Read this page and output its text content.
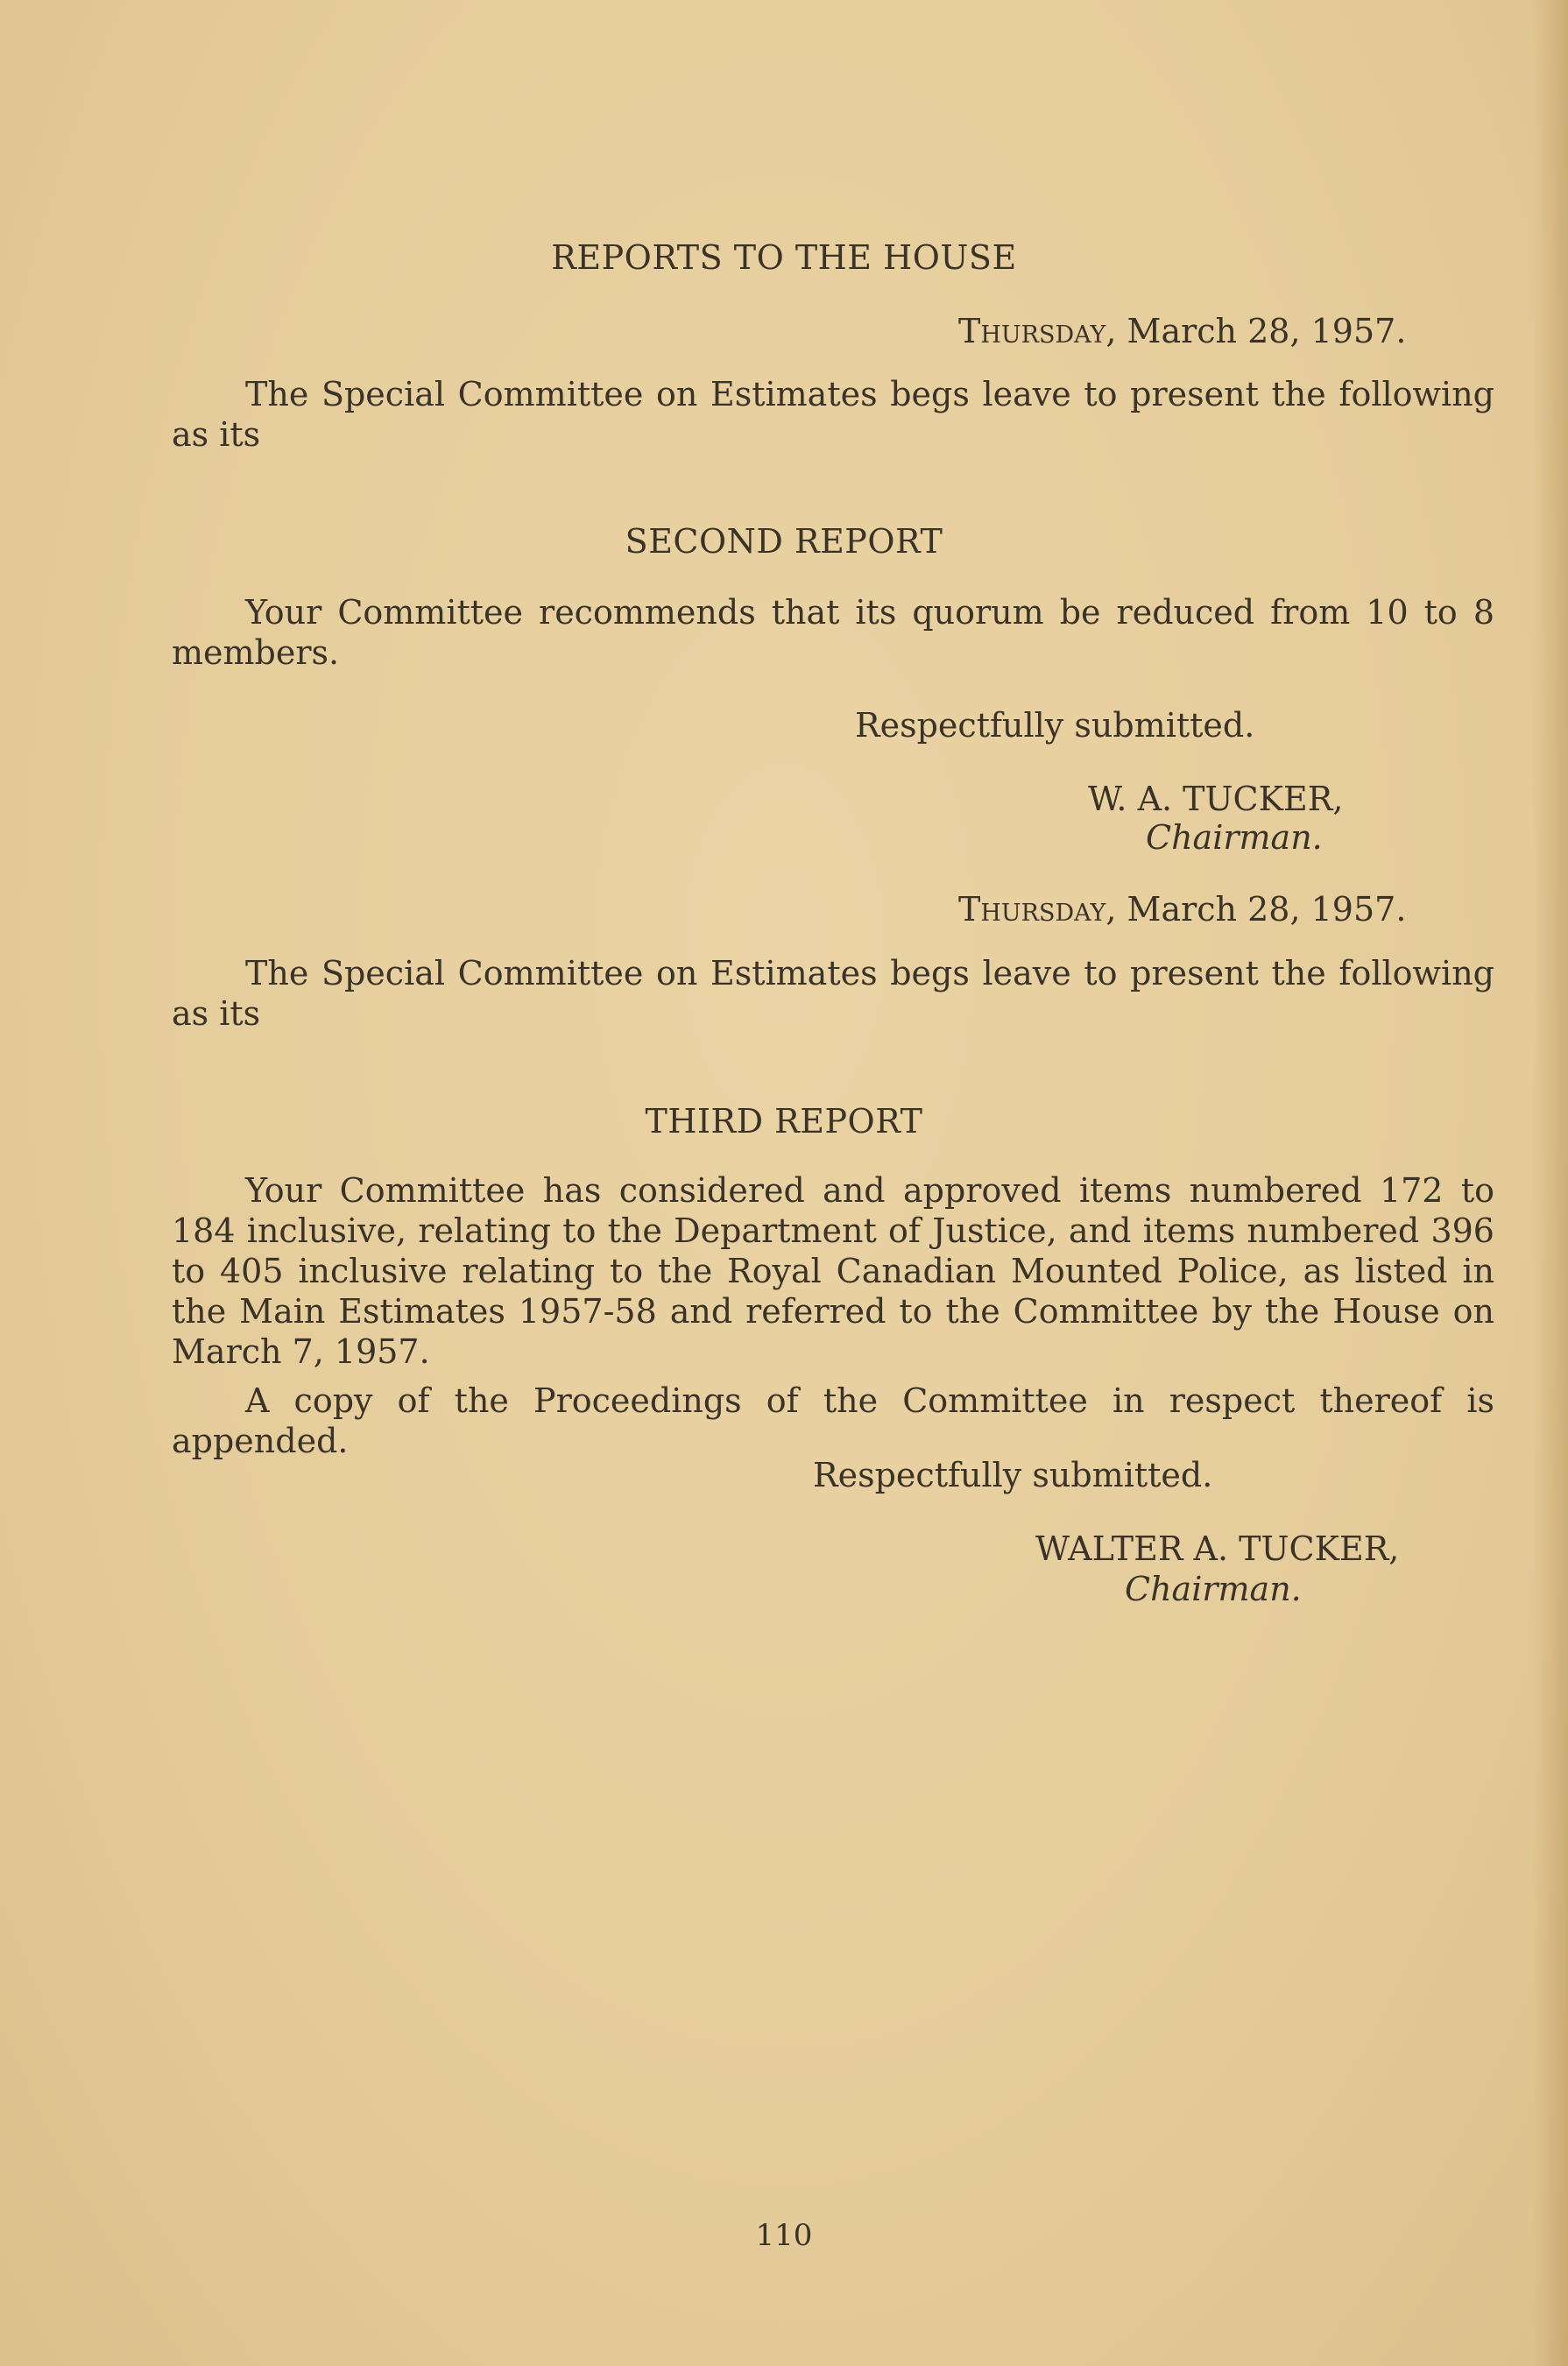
REPORTS TO THE HOUSE

Thursday, March 28, 1957.

The Special Committee on Estimates begs leave to present the following as its

SECOND REPORT

Your Committee recommends that its quorum be reduced from 10 to 8 members.

Respectfully submitted.

W. A. TUCKER,

Chairman.

Thursday, March 28, 1957.

The Special Committee on Estimates begs leave to present the following as its

THIRD REPORT

Your Committee has considered and approved items numbered 172 to 184 inclusive, relating to the Department of Justice, and items numbered 396 to 405 inclusive relating to the Royal Canadian Mounted Police, as listed in the Main Estimates 1957-58 and referred to the Committee by the House on March 7, 1957.

A copy of the Proceedings of the Committee in respect thereof is appended.

Respectfully submitted.

WALTER A. TUCKER,

Chairman.

110
